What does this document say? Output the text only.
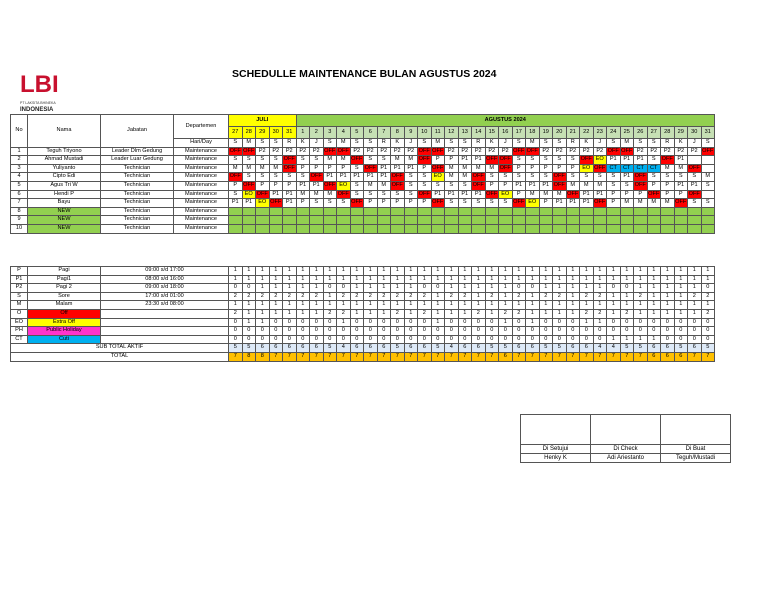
LBI
PT LAKSITA BHINEKA
INDONESIA
SCHEDULLE MAINTENANCE BULAN AGUSTUS 2024
No	Nama	Jabatan	Departemen	JULI					AGUSTUS 2024																														
				27	28	29	30	31	1	2	3	4	5	6	7	8	9	10	11	12	13	14	15	16	17	18	19	20	21	22	23	24	25	26	27	28	29	30	31
			Hari/Day	S	M	S	S	R	K	J	S	M	S	S	R	K	J	S	M	S	S	R	K	J	S	M	S	S	R	K	J	S	M	S	S	R	K	J	S
1	Teguh Triyono	Leader Dlm Gedung	Maintenance	OFF	OFF	P2	P2	P2	P2	P2	OFF	OFF	P2	P2	P2	P2	P2	OFF	OFF	P2	P2	P2	P2	P2	OFF	OFF	P2	P2	P2	P2	P2	OFF	OFF	P2	P2	P2	P2	P2	OFF
2	Ahmad Mustadi	Leader Luar Gedung	Maintenance	S	S	S	S	OFF	S	S	M	M	OFF	S	S	M	M	OFF	P	P	P1	P1	OFF	OFF	S	S	S	S	S	OFF	EO	P1	P1	P1	S	OFF	P1		
3	Yuliyanto	Technician	Maintenance	M	M	M	M	OFF	P	P	P	P	S	OFF	P1	P1	P1	P	OFF	M	M	M	M	OFF	P	P	P	P	P	EO	OFF	CT	CT	CT	CT	M	M	OFF	
4	Cipto Edi	Technician	Maintenance	OFF	S	S	S	S	S	OFF	P1	P1	P1	P1	P1	OFF	S	S	EO	M	M	OFF	S	S	S	S	S	OFF	S	S	S	S	P1	OFF	S	S	S	S	M
5	Agus Tri W	Technician	Maintenance	P	OFF	P	P	P	P1	P1	OFF	EO	S	M	M	OFF	S	S	S	S	S	OFF	P	P	P1	P1	P1	OFF	M	M	M	S	S	OFF	P	P	P1	P1	S
6	Hendi P	Technician	Maintenance	S	EO	OFF	P1	P1	M	M	M	OFF	S	S	S	S	S	OFF	P1	P1	P1	P1	OFF	EO	P	M	M	M	OFF	P1	P1	P	P	P	OFF	P	P	OFF	
7	Bayu	Technician	Maintenance	P1	P1	EO	OFF	P1	P	S	S	S	OFF	P	P	P	P	P	OFF	S	S	S	S	S	OFF	EO	P	P1	P1	P1	OFF	P	M	M	M	M	OFF	S	S
8	NEW	Technician	Maintenance																																				
9	NEW	Technician	Maintenance																																				
10	NEW	Technician	Maintenance																																				
P	Pagi	09:00 s/d 17:00	1	1	1	1	1	1	1	1	1	1	1	1	1	1	1	1	1	1	1	1	1	1	1	1	1	1	1	1	1	1	1	1	1	1	1	1
P1	Pagi1	08:00 s/d 16:00	1	1	1	1	1	1	1	1	1	1	1	1	1	1	1	1	1	1	1	1	1	1	1	1	1	1	1	1	1	1	1	1	1	1	1	1
P2	Pagi 2	09:00 s/d 18:00	0	0	1	1	1	1	1	0	0	1	1	1	1	1	0	0	1	1	1	1	1	0	0	1	1	1	1	1	0	0	1	1	1	1	1	0
S	Sore	17:00 s/d 01:00	2	2	2	2	2	2	2	1	2	2	2	2	2	2	2	1	2	2	1	2	1	2	1	2	2	1	2	2	1	1	2	1	1	1	2	2
M	Malam	23:30 s/d 08:00	1	1	1	1	1	1	1	1	1	1	1	1	1	1	1	1	1	1	1	1	1	1	1	1	1	1	1	1	1	1	1	1	1	1	1	1
O	Off		2	1	1	1	1	1	1	2	2	1	1	1	2	1	2	1	1	1	2	1	2	2	1	1	1	1	2	2	1	2	1	1	1	1	1	2
EO	Extra Off		0	1	1	0	0	0	0	0	1	0	0	0	0	0	0	1	0	0	0	0	1	0	1	0	0	0	1	1	0	0	0	0	0	0	0	0
PH	Public Holiday		0	0	0	0	0	0	0	0	0	0	0	0	0	0	0	0	0	0	0	0	0	0	0	0	0	0	0	0	0	0	0	0	0	0	0	0
CT	Cuti		0	0	0	0	0	0	0	0	0	0	0	0	0	0	0	0	0	0	0	0	0	0	0	0	0	0	0	0	1	1	1	1	0	0	0	0
SUB TOTAL AKTIF			5	5	6	6	6	6	6	5	4	6	6	6	5	6	6	5	4	6	6	5	5	6	6	5	5	6	6	4	4	5	5	6	6	5	6	5
TOTAL			7	8	8	7	7	7	7	7	7	7	7	7	7	7	7	7	7	7	7	7	6	7	7	7	7	7	7	7	7	7	7	6	6	6	7	7

Di Setujui	Di Check	Di Buat
Henky K	Adi Ariestanto	Teguh/Mustadi
